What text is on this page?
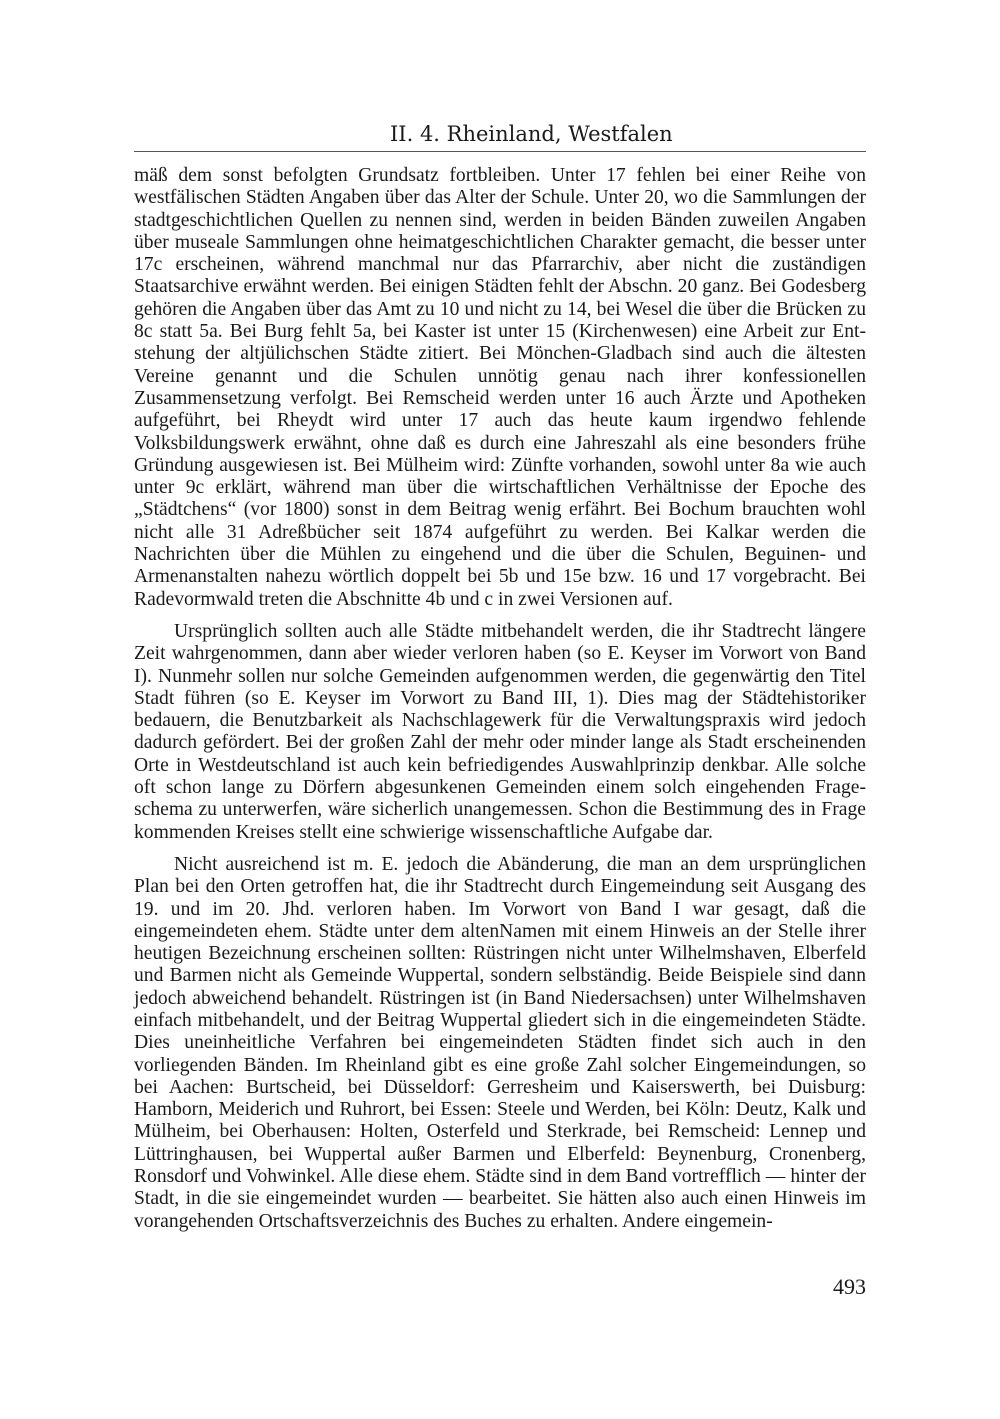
II. 4. Rheinland, Westfalen

mäß dem sonst befolgten Grundsatz fortbleiben. Unter 17 fehlen bei einer Reihe von westfälischen Städten Angaben über das Alter der Schule. Unter 20, wo die Sammlungen der stadtgeschichtlichen Quellen zu nennen sind, werden in beiden Bänden zuweilen Angaben über museale Sammlungen ohne heimatgeschichtlichen Charakter gemacht, die besser unter 17c erscheinen, während manchmal nur das Pfarrarchiv, aber nicht die zuständigen Staatsarchive erwähnt werden. Bei einigen Städten fehlt der Abschn. 20 ganz. Bei Godesberg gehören die Angaben über das Amt zu 10 und nicht zu 14, bei Wesel die über die Brücken zu 8c statt 5a. Bei Burg fehlt 5a, bei Kaster ist unter 15 (Kirchenwesen) eine Arbeit zur Entstehung der altjülichschen Städte zitiert. Bei Mönchen-Gladbach sind auch die ältesten Vereine genannt und die Schulen unnötig genau nach ihrer konfessionellen Zusammensetzung verfolgt. Bei Remscheid werden unter 16 auch Ärzte und Apotheken aufgeführt, bei Rheydt wird unter 17 auch das heute kaum irgendwo fehlende Volksbildungswerk erwähnt, ohne daß es durch eine Jahreszahl als eine besonders frühe Gründung ausgewiesen ist. Bei Mülheim wird: Zünfte vorhanden, sowohl unter 8a wie auch unter 9c erklärt, während man über die wirtschaftlichen Verhältnisse der Epoche des „Städtchens“ (vor 1800) sonst in dem Beitrag wenig erfährt. Bei Bochum brauchten wohl nicht alle 31 Adreßbücher seit 1874 aufgeführt zu werden. Bei Kalkar werden die Nachrichten über die Mühlen zu eingehend und die über die Schulen, Beguinen- und Armenanstalten nahezu wörtlich doppelt bei 5b und 15e bzw. 16 und 17 vorgebracht. Bei Radevormwald treten die Abschnitte 4b und c in zwei Versionen auf.

Ursprünglich sollten auch alle Städte mitbehandelt werden, die ihr Stadtrecht längere Zeit wahrgenommen, dann aber wieder verloren haben (so E. Keyser im Vorwort von Band I). Nunmehr sollen nur solche Gemeinden aufgenommen werden, die gegenwärtig den Titel Stadt führen (so E. Keyser im Vorwort zu Band III, 1). Dies mag der Städtehistoriker bedauern, die Benutzbarkeit als Nachschlagewerk für die Verwaltungspraxis wird jedoch dadurch gefördert. Bei der großen Zahl der mehr oder minder lange als Stadt erscheinenden Orte in Westdeutschland ist auch kein befriedigendes Auswahlprinzip denkbar. Alle solche oft schon lange zu Dörfern abgesunkenen Gemeinden einem solch eingehenden Frageschema zu unterwerfen, wäre sicherlich unangemessen. Schon die Bestimmung des in Frage kommenden Kreises stellt eine schwierige wissenschaftliche Aufgabe dar.

Nicht ausreichend ist m. E. jedoch die Abänderung, die man an dem ursprünglichen Plan bei den Orten getroffen hat, die ihr Stadtrecht durch Eingemeindung seit Ausgang des 19. und im 20. Jhd. verloren haben. Im Vorwort von Band I war gesagt, daß die eingemeindeten ehem. Städte unter dem altenNamen mit einem Hinweis an der Stelle ihrer heutigen Bezeichnung erscheinen sollten: Rüstringen nicht unter Wilhelmshaven, Elberfeld und Barmen nicht als Gemeinde Wuppertal, sondern selbständig. Beide Beispiele sind dann jedoch abweichend behandelt. Rüstringen ist (in Band Niedersachsen) unter Wilhelmshaven einfach mitbehandelt, und der Beitrag Wuppertal gliedert sich in die eingemeindeten Städte. Dies uneinheitliche Verfahren bei eingemeindeten Städten findet sich auch in den vorliegenden Bänden. Im Rheinland gibt es eine große Zahl solcher Eingemeindungen, so bei Aachen: Burtscheid, bei Düsseldorf: Gerresheim und Kaiserswerth, bei Duisburg: Hamborn, Meiderich und Ruhrort, bei Essen: Steele und Werden, bei Köln: Deutz, Kalk und Mülheim, bei Oberhausen: Holten, Osterfeld und Sterkrade, bei Remscheid: Lennep und Lüttringhausen, bei Wuppertal außer Barmen und Elberfeld: Beynenburg, Cronenberg, Ronsdorf und Vohwinkel. Alle diese ehem. Städte sind in dem Band vortrefflich — hinter der Stadt, in die sie eingemeindet wurden — bearbeitet. Sie hätten also auch einen Hinweis im vorangehenden Ortschaftsverzeichnis des Buches zu erhalten. Andere eingemein-

493
